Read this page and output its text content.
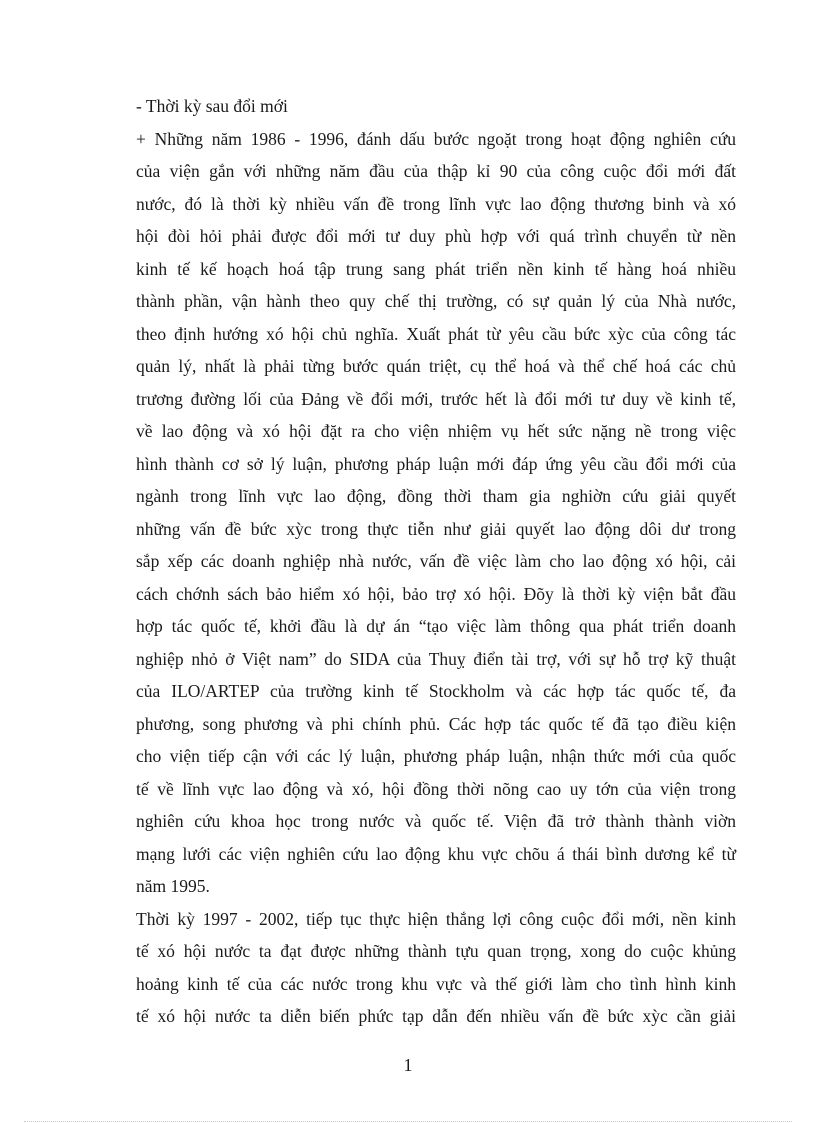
- Thời kỳ sau đổi mới
+ Những năm 1986 - 1996, đánh dấu bước ngoặt trong hoạt động nghiên cứu
của viện gắn với những năm đầu của thập kỉ 90 của công cuộc đổi mới đất
nước, đó là thời kỳ nhiều vấn đề trong lĩnh vực lao động thương binh và xó
hội đòi hỏi phải được đổi mới tư duy phù hợp với quá trình chuyển từ nền
kinh tế kế hoạch hoá tập trung sang phát triển nền kinh tế hàng hoá nhiều
thành phần, vận hành theo quy chế thị trường, có sự quản lý của Nhà nước,
theo định hướng xó hội chủ nghĩa. Xuất phát từ yêu cầu bức xỳc của công tác
quản lý, nhất là phải từng bước quán triệt, cụ thể hoá và thể chế hoá các chủ
trương đường lối của Đảng về đổi mới, trước hết là đổi mới tư duy về kinh tế,
về lao động và xó hội đặt ra cho viện nhiệm vụ hết sức nặng nề trong việc
hình thành cơ sở lý luận, phương pháp luận mới đáp ứng yêu cầu đổi mới của
ngành trong lĩnh vực lao động, đồng thời tham gia nghiờn cứu giải quyết
những vấn đề bức xỳc trong thực tiễn như giải quyết lao động dôi dư trong
sắp xếp các doanh nghiệp nhà nước, vấn đề việc làm cho lao động xó hội, cải
cách chớnh sách bảo hiểm xó hội, bảo trợ xó hội. Đõy là thời kỳ viện bắt đầu
hợp tác quốc tế, khởi đầu là dự án “tạo việc làm thông qua phát triển doanh
nghiệp nhỏ ở Việt nam” do SIDA của Thuỵ điển tài trợ, với sự hỗ trợ kỹ thuật
của ILO/ARTEP của trường kinh tế Stockholm và các hợp tác quốc tế, đa
phương, song phương và phi chính phủ. Các hợp tác quốc tế đã tạo điều kiện
cho viện tiếp cận với các lý luận, phương pháp luận, nhận thức mới của quốc
tế về lĩnh vực lao động và xó, hội đồng thời nõng cao uy tớn của viện trong
nghiên cứu khoa học trong nước và quốc tế. Viện đã trở thành thành viờn
mạng lưới các viện nghiên cứu lao động khu vực chõu á thái bình dương kể từ
năm 1995.
Thời kỳ 1997 - 2002, tiếp tục thực hiện thắng lợi công cuộc đổi mới, nền kinh
tế xó hội nước ta đạt được những thành tựu quan trọng, xong do cuộc khủng
hoảng kinh tế của các nước trong khu vực và thế giới làm cho tình hình kinh
tế xó hội nước ta diễn biến phức tạp dẫn đến nhiều vấn đề bức xỳc cần giải
1
